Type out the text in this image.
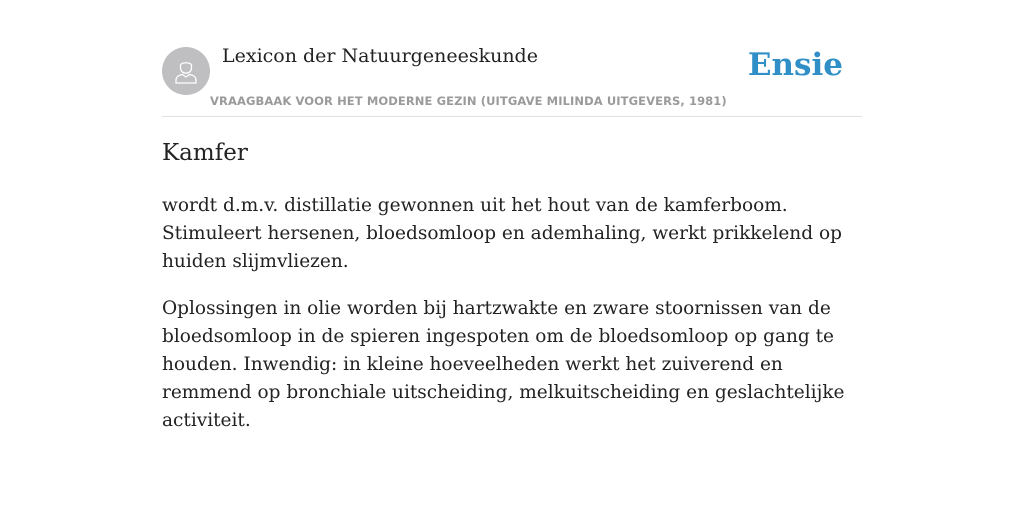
Lexicon der Natuurgeneeskunde
VRAAGBAAK VOOR HET MODERNE GEZIN (UITGAVE MILINDA UITGEVERS, 1981)
Ensie
Kamfer

wordt d.m.v. distillatie gewonnen uit het hout van de kamferboom. Stimuleert hersenen, bloedsomloop en ademhaling, werkt prikkelend op huiden slijmvliezen.

Oplossingen in olie worden bij hartzwakte en zware stoornissen van de bloedsomloop in de spieren ingespoten om de bloedsomloop op gang te houden. Inwendig: in kleine hoeveelheden werkt het zuiverend en remmend op bronchiale uitscheiding, melkuitscheiding en geslachtelijke activiteit.
